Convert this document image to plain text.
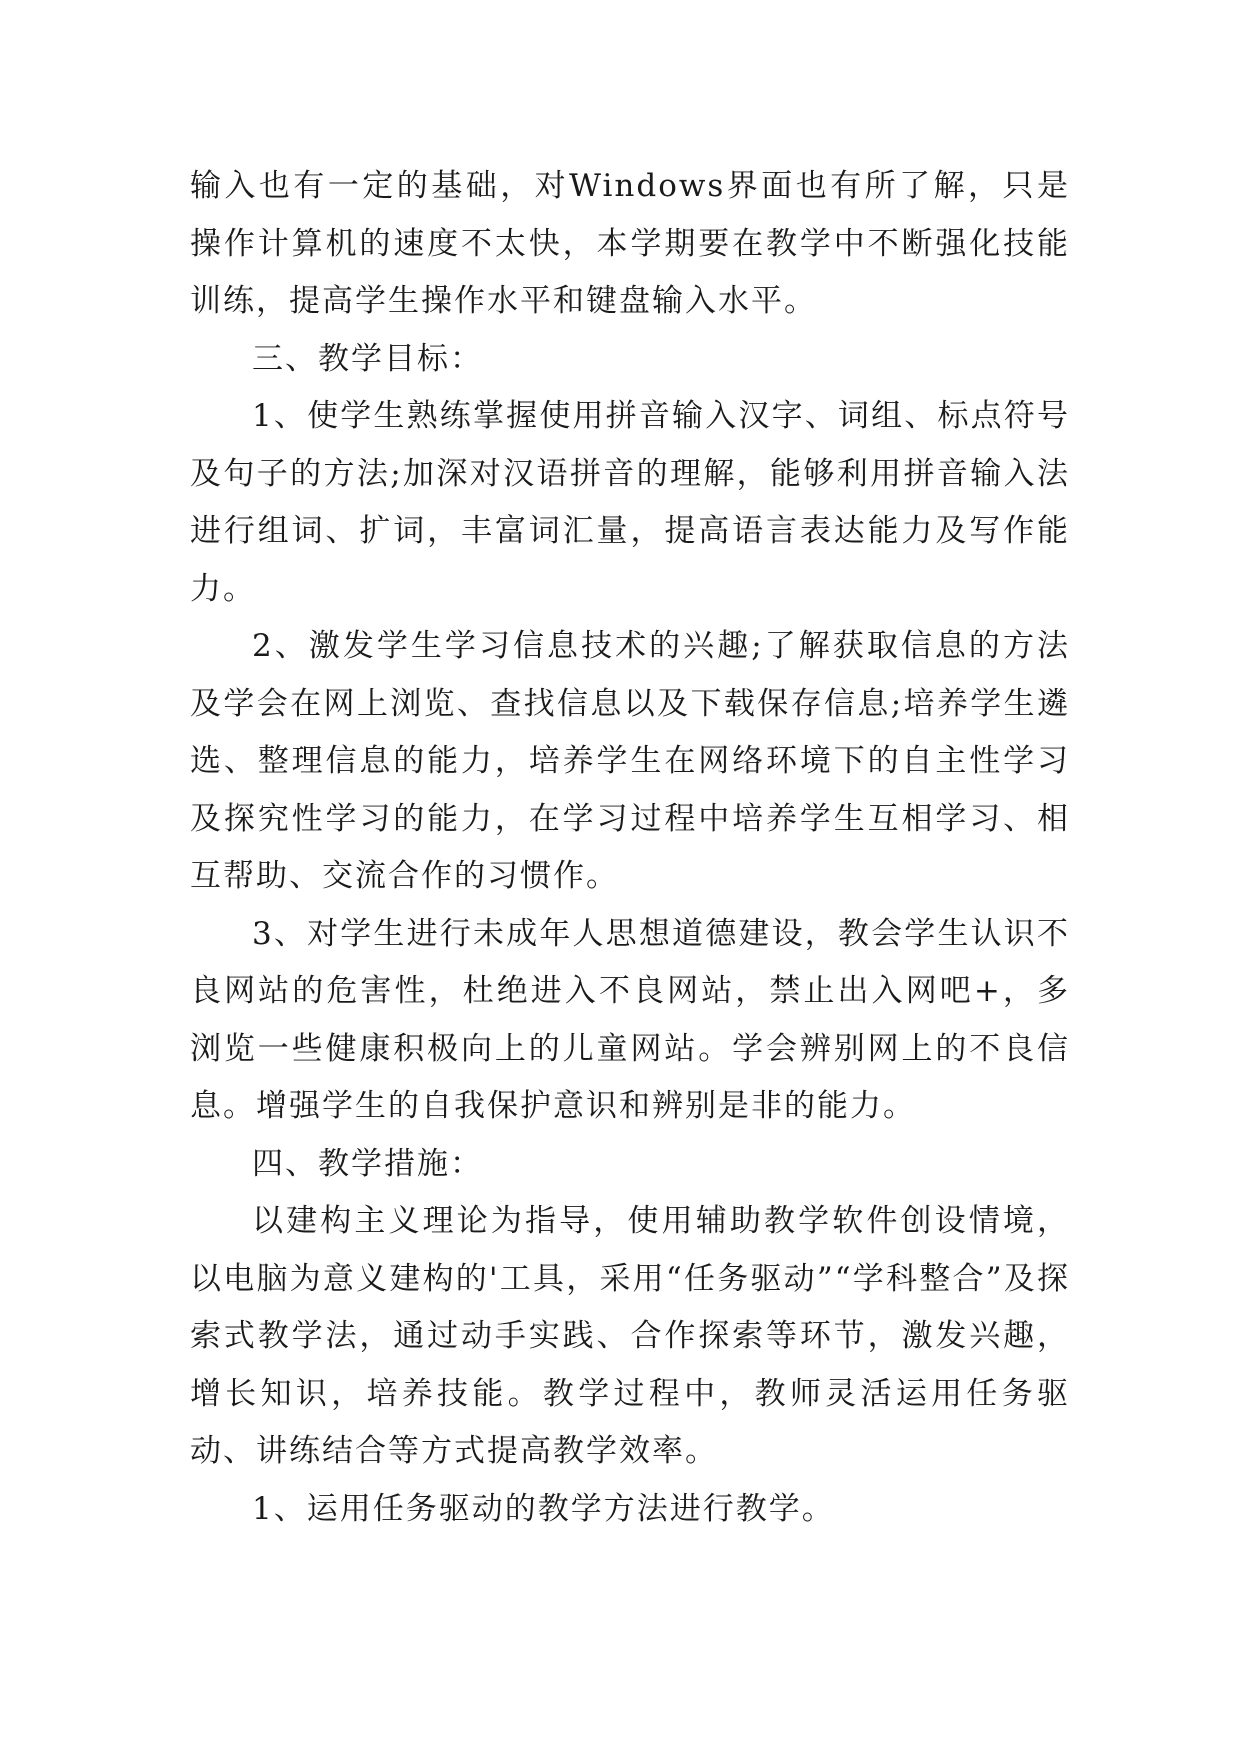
输入也有一定的基础，对Windows界面也有所了解，只是操作计算机的速度不太快，本学期要在教学中不断强化技能训练，提高学生操作水平和键盘输入水平。

三、教学目标：

1、使学生熟练掌握使用拼音输入汉字、词组、标点符号及句子的方法;加深对汉语拼音的理解，能够利用拼音输入法进行组词、扩词，丰富词汇量，提高语言表达能力及写作能力。

2、激发学生学习信息技术的兴趣;了解获取信息的方法及学会在网上浏览、查找信息以及下载保存信息;培养学生遴选、整理信息的能力，培养学生在网络环境下的自主性学习及探究性学习的能力，在学习过程中培养学生互相学习、相互帮助、交流合作的习惯作。

3、对学生进行未成年人思想道德建设，教会学生认识不良网站的危害性，杜绝进入不良网站，禁止出入网吧+，多浏览一些健康积极向上的儿童网站。学会辨别网上的不良信息。增强学生的自我保护意识和辨别是非的能力。

四、教学措施：

以建构主义理论为指导，使用辅助教学软件创设情境，以电脑为意义建构的'工具，采用“任务驱动”“学科整合”及探索式教学法，通过动手实践、合作探索等环节，激发兴趣，增长知识，培养技能。教学过程中，教师灵活运用任务驱动、讲练结合等方式提高教学效率。

1、运用任务驱动的教学方法进行教学。
